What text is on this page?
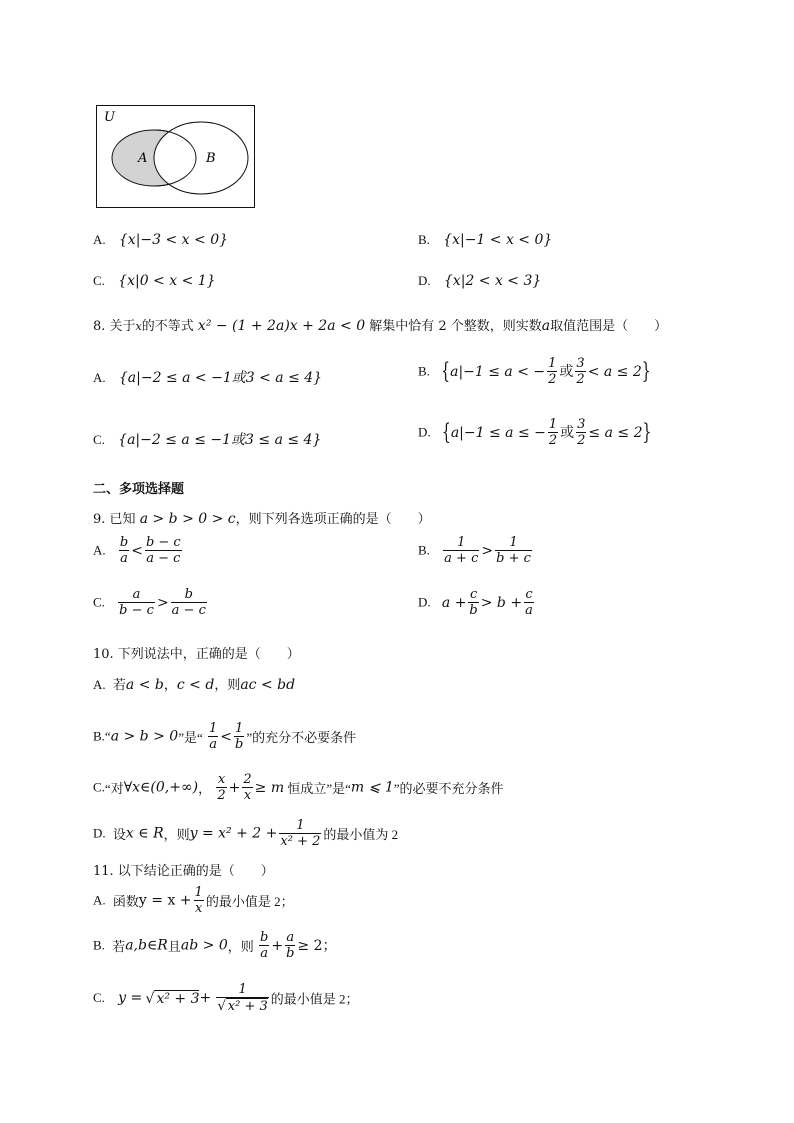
U
A	B
A. {x|−3 < x < 0}	B. {x|−1 < x < 0}
C. {x|0 < x < 1}	D. {x|2 < x < 3}
8. 关于x的不等式 x² − (1 + 2a)x + 2a < 0 解集中恰有 2 个整数，则实数a取值范围是（　　）
A. {a|−2 ≤ a < −1或3 < a ≤ 4}	B. {a|−1 ≤ a < − $\frac{1}{2}$ 或 $\frac{3}{2} < a \le 2$}
C. {a|−2 ≤ a ≤ −1或3 ≤ a ≤ 4}	D. {a|−1 ≤ a ≤ − $\frac{1}{2}$ 或 $\frac{3}{2} \le a \le 2$}
二、多项选择题
9. 已知 a > b > 0 > c，则下列各选项正确的是（　　）
A. $\frac{b}{a} < \frac{b - c}{a - c}$	B. $\frac{1}{a + c} > \frac{1}{b + c}$
C. $\frac{a}{b - c} > \frac{b}{a - c}$	D. $a + \frac{c}{b} > b + \frac{c}{a}$
10. 下列说法中，正确的是（　　）
A. 若a < b，c < d，则ac < bd
B.“a > b > 0”是“ $\frac{1}{a} < \frac{1}{b}$ ”的充分不必要条件
C.“对∀x∈(0,+∞)， $\frac{x}{2} + \frac{2}{x} \ge m$ 恒成立”是“m ⩽ 1”的必要不充分条件
D. 设x ∈ R，则$y = x^2 + 2 + \frac{1}{\text{x² + 2}}$ 的最小值为 2
11. 以下结论正确的是（　　）
A. 函数$y = x + \frac{1}{x}$ 的最小值是 2；
B. 若a,b∈R且ab > 0，则 $\frac{b}{a} + \frac{a}{b} \ge 2$；
C. y = √ $x^2 + 3+ \frac{1}{\text{√ x² + 3}}$ 的最小值是 2；
